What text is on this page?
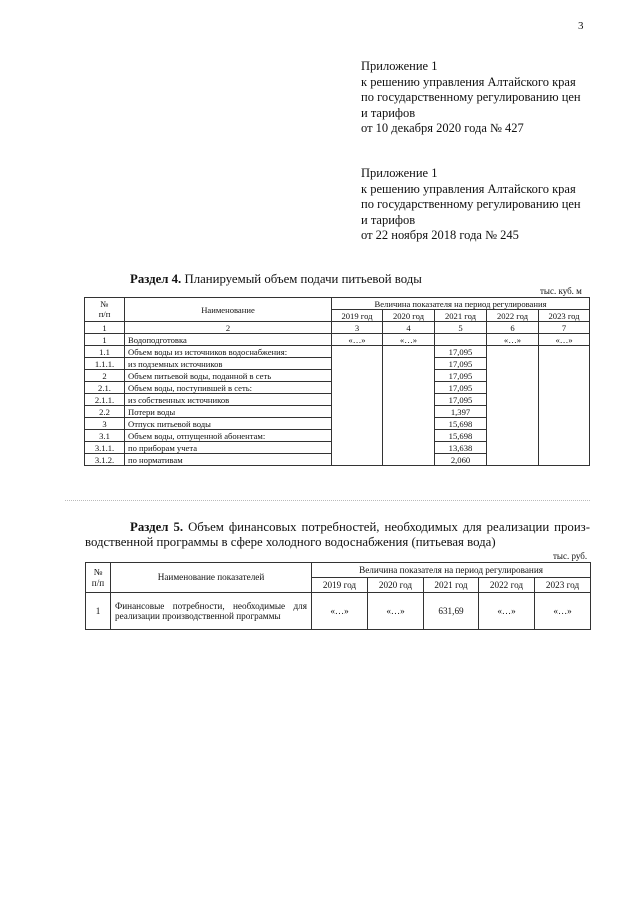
3
Приложение 1
к решению управления Алтайского края
по государственному регулированию цен
и тарифов
от 10 декабря 2020 года № 427
Приложение 1
к решению управления Алтайского края
по государственному регулированию цен
и тарифов
от 22 ноября 2018 года № 245
Раздел 4. Планируемый объем подачи питьевой воды
тыс. куб. м
№
п/п	Наименование	Величина показателя на период регулирования				
		2019 год	2020 год	2021 год	2022 год	2023 год
1	2	3	4	5	6	7
1	Водоподготовка	«…»	«…»		«…»	«…»
1.1	Объем воды из источников водоснабжения:			17,095		
1.1.1.	из подземных источников			17,095		
2	Объем питьевой воды, поданной в сеть			17,095		
2.1.	Объем воды, поступившей в сеть:			17,095		
2.1.1.	из собственных источников			17,095		
2.2	Потери воды			1,397		
3	Отпуск питьевой воды			15,698		
3.1	Объем воды, отпущенной абонентам:			15,698		
3.1.1.	по приборам учета			13,638		
3.1.2.	по нормативам			2,060		
Раздел 5. Объем финансовых потребностей, необходимых для реализации произ-
водственной программы в сфере холодного водоснабжения (питьевая вода)
тыс. руб.
№
п/п	Наименование показателей	Величина показателя на период регулирования				
		2019 год	2020 год	2021 год	2022 год	2023 год
1	Финансовые потребности, необходимые для реализации производственной программы	«…»	«…»	631,69	«…»	«…»
